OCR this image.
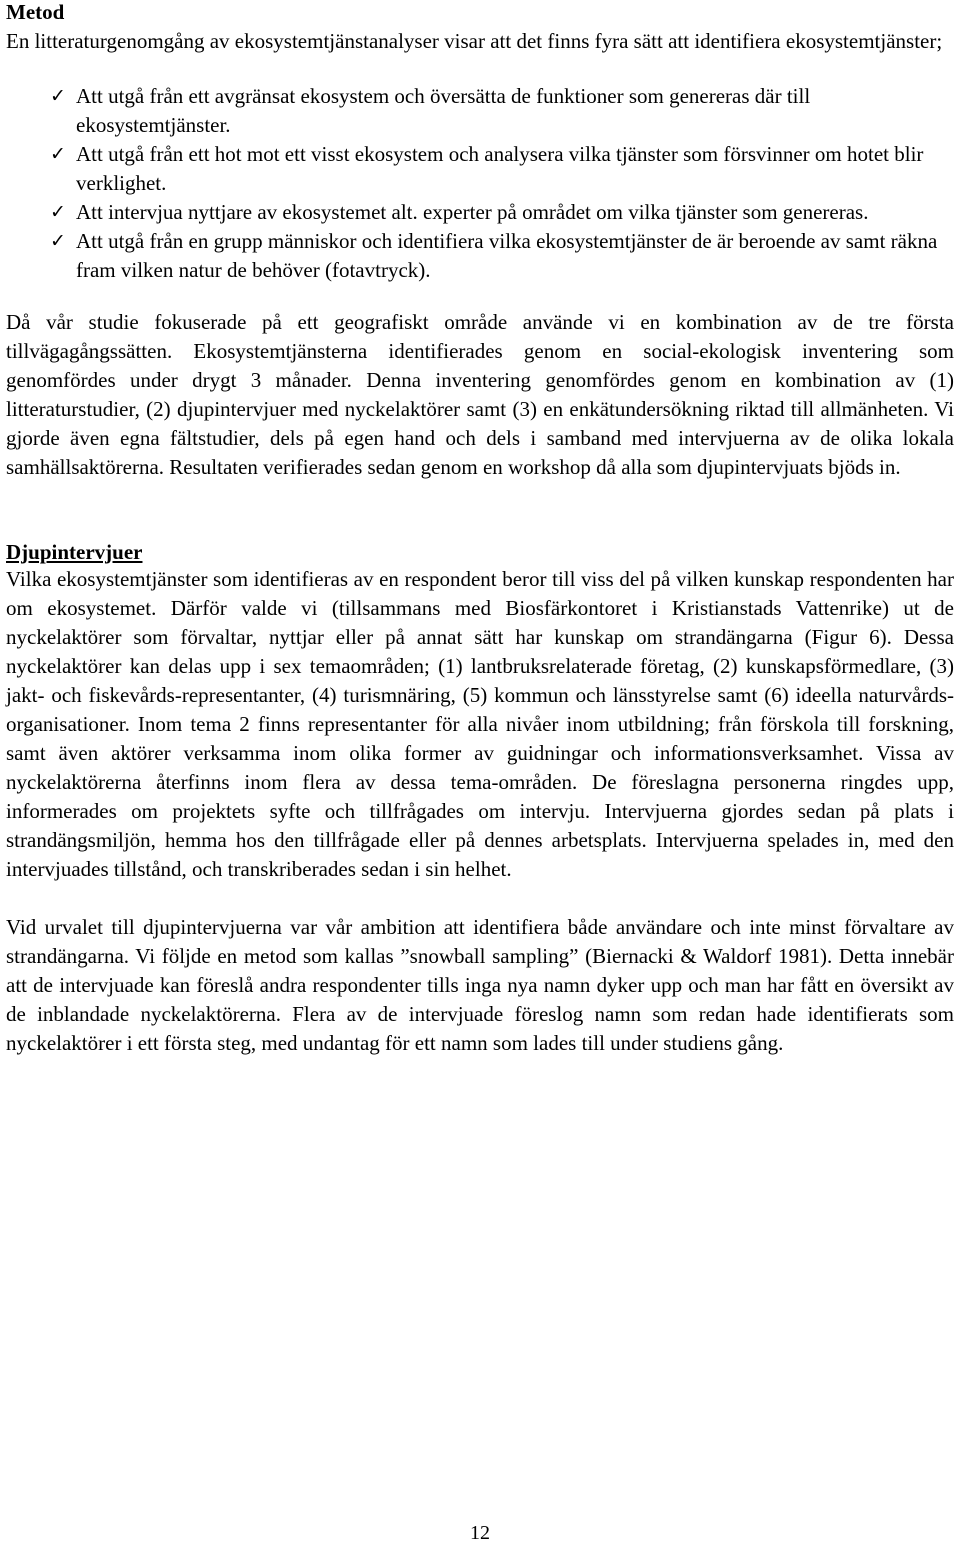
Metod

En litteraturgenomgång av ekosystemtjänstanalyser visar att det finns fyra sätt att identifiera ekosystemtjänster;

✓ Att utgå från ett avgränsat ekosystem och översätta de funktioner som genereras där till ekosystemtjänster.
✓ Att utgå från ett hot mot ett visst ekosystem och analysera vilka tjänster som försvinner om hotet blir verklighet.
✓ Att intervjua nyttjare av ekosystemet alt. experter på området om vilka tjänster som genereras.
✓ Att utgå från en grupp människor och identifiera vilka ekosystemtjänster de är beroende av samt räkna fram vilken natur de behöver (fotavtryck).

Då vår studie fokuserade på ett geografiskt område använde vi en kombination av de tre första tillvägagångssätten. Ekosystemtjänsterna identifierades genom en social-ekologisk inventering som genomfördes under drygt 3 månader. Denna inventering genomfördes genom en kombination av (1) litteraturstudier, (2) djupintervjuer med nyckelaktörer samt (3) en enkätundersökning riktad till allmänheten. Vi gjorde även egna fältstudier, dels på egen hand och dels i samband med intervjuerna av de olika lokala samhällsaktörerna. Resultaten verifierades sedan genom en workshop då alla som djupintervjuats bjöds in.

Djupintervjuer

Vilka ekosystemtjänster som identifieras av en respondent beror till viss del på vilken kunskap respondenten har om ekosystemet. Därför valde vi (tillsammans med Biosfärkontoret i Kristianstads Vattenrike) ut de nyckelaktörer som förvaltar, nyttjar eller på annat sätt har kunskap om strandängarna (Figur 6). Dessa nyckelaktörer kan delas upp i sex temaområden; (1) lantbruksrelaterade företag, (2) kunskapsförmedlare, (3) jakt- och fiskevårds-representanter, (4) turismnäring, (5) kommun och länsstyrelse samt (6) ideella naturvårds-organisationer. Inom tema 2 finns representanter för alla nivåer inom utbildning; från förskola till forskning, samt även aktörer verksamma inom olika former av guidningar och informationsverksamhet. Vissa av nyckelaktörerna återfinns inom flera av dessa tema-områden. De föreslagna personerna ringdes upp, informerades om projektets syfte och tillfrågades om intervju. Intervjuerna gjordes sedan på plats i strandängsmiljön, hemma hos den tillfrågade eller på dennes arbetsplats. Intervjuerna spelades in, med den intervjuades tillstånd, och transkriberades sedan i sin helhet.

Vid urvalet till djupintervjuerna var vår ambition att identifiera både användare och inte minst förvaltare av strandängarna. Vi följde en metod som kallas ”snowball sampling” (Biernacki & Waldorf 1981). Detta innebär att de intervjuade kan föreslå andra respondenter tills inga nya namn dyker upp och man har fått en översikt av de inblandade nyckelaktörerna. Flera av de intervjuade föreslog namn som redan hade identifierats som nyckelaktörer i ett första steg, med undantag för ett namn som lades till under studiens gång.

12
